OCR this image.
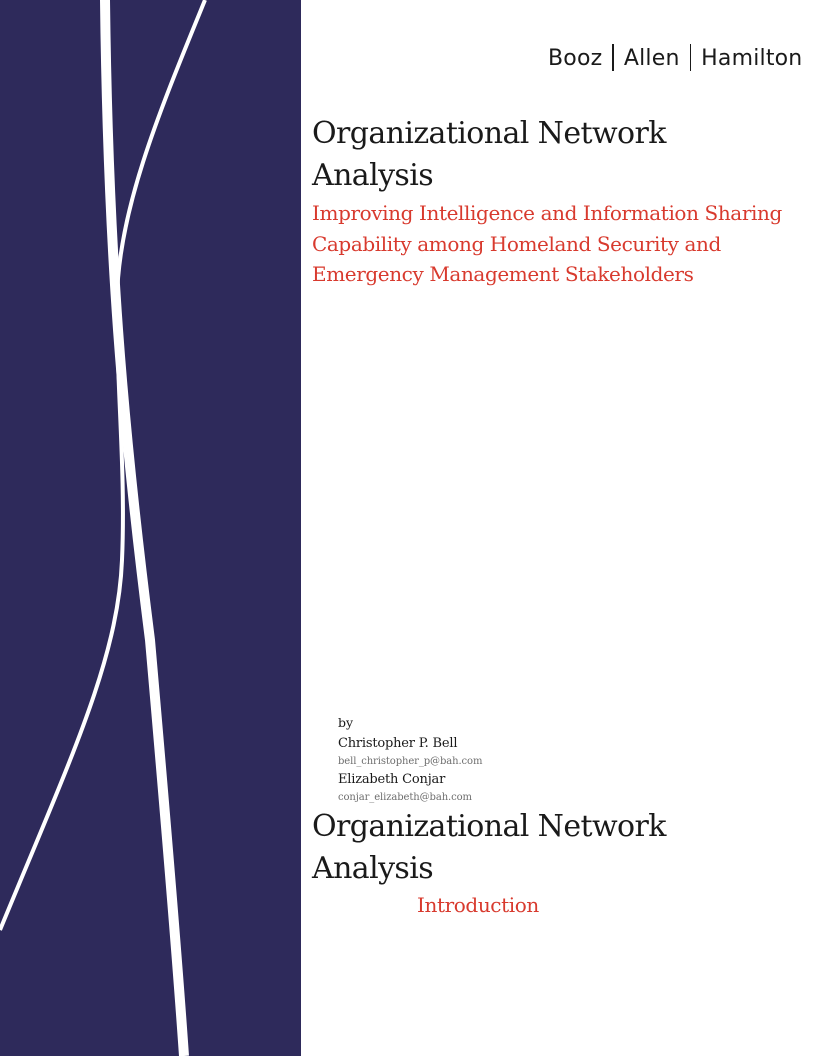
Booz Allen Hamilton
Organizational Network Analysis

Improving Intelligence and Information Sharing Capability among Homeland Security and Emergency Management Stakeholders

by
Christopher P. Bell
bell_christopher_p@bah.com
Elizabeth Conjar
conjar_elizabeth@bah.com
Organizational Network Analysis
Introduction
